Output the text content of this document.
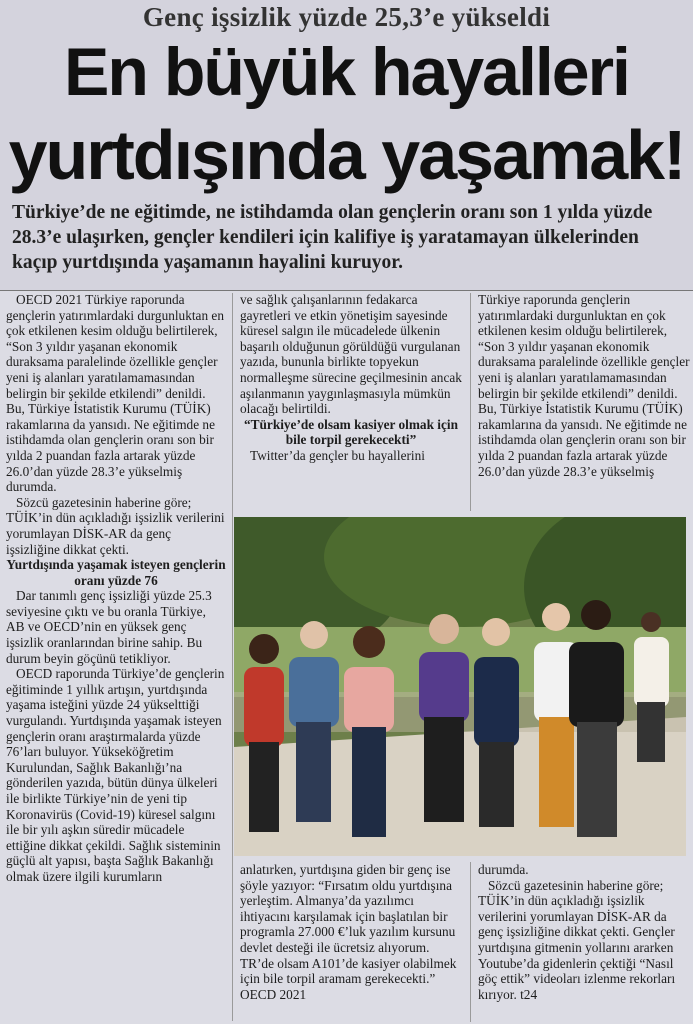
Genç işsizlik yüzde 25,3’e yükseldi
En büyük hayalleri
yurtdışında yaşamak!
Türkiye’de ne eğitimde, ne istihdamda olan gençlerin oranı son 1 yılda yüzde 28.3’e ulaşırken, gençler kendileri için kalifiye iş yaratamayan ülkelerinden kaçıp yurtdışında yaşamanın hayalini kuruyor.

OECD 2021 Türkiye raporunda gençlerin yatırımlardaki durgunluktan en çok etkilenen kesim olduğu belirtilerek, “Son 3 yıldır yaşanan ekonomik duraksama paralelinde özellikle gençler yeni iş alanları yaratılamamasından belirgin bir şekilde etkilendi” denildi. Bu, Türkiye İstatistik Kurumu (TÜİK) rakamlarına da yansıdı. Ne eğitimde ne istihdamda olan gençlerin oranı son bir yılda 2 puandan fazla artarak yüzde 26.0’dan yüzde 28.3’e yükselmiş durumda.

Sözcü gazetesinin haberine göre; TÜİK’in dün açıkladığı işsizlik verilerini yorumlayan DİSK-AR da genç işsizliğine dikkat çekti.

Yurtdışında yaşamak isteyen gençlerin oranı yüzde 76

Dar tanımlı genç işsizliği yüzde 25.3 seviyesine çıktı ve bu oranla Türkiye, AB ve OECD’nin en yüksek genç işsizlik oranlarından birine sahip. Bu durum beyin göçünü tetikliyor.

OECD raporunda Türkiye’de gençlerin eğitiminde 1 yıllık artışın, yurtdışında yaşama isteğini yüzde 24 yükselttiği vurgulandı. Yurtdışında yaşamak isteyen gençlerin oranı araştırmalarda yüzde 76’ları buluyor. Yükseköğretim Kurulundan, Sağlık Bakanlığı’na gönderilen yazıda, bütün dünya ülkeleri ile birlikte Türkiye’nin de yeni tip Koronavirüs (Covid-19) küresel salgını ile bir yılı aşkın süredir mücadele ettiğine dikkat çekildi. Sağlık sisteminin güçlü alt yapısı, başta Sağlık Bakanlığı olmak üzere ilgili kurumların

ve sağlık çalışanlarının fedakarca gayretleri ve etkin yönetişim sayesinde küresel salgın ile mücadelede ülkenin başarılı olduğunun görüldüğü vurgulanan yazıda, bununla birlikte topyekun normalleşme sürecine geçilmesinin ancak aşılanmanın yaygınlaşmasıyla mümkün olacağı belirtildi.

“Türkiye’de olsam kasiyer olmak için bile torpil gerekecekti”

Twitter’da gençler bu hayallerini

Türkiye raporunda gençlerin yatırımlardaki durgunluktan en çok etkilenen kesim olduğu belirtilerek, “Son 3 yıldır yaşanan ekonomik duraksama paralelinde özellikle gençler yeni iş alanları yaratılamamasından belirgin bir şekilde etkilendi” denildi. Bu, Türkiye İstatistik Kurumu (TÜİK) rakamlarına da yansıdı. Ne eğitimde ne istihdamda olan gençlerin oranı son bir yılda 2 puandan fazla artarak yüzde 26.0’dan yüzde 28.3’e yükselmiş

anlatırken, yurtdışına giden bir genç ise şöyle yazıyor: “Fırsatım oldu yurtdışına yerleştim. Almanya’da yazılımcı ihtiyacını karşılamak için başlatılan bir programla 27.000 €’luk yazılım kursunu devlet desteği ile ücretsiz alıyorum. TR’de olsam A101’de kasiyer olabilmek için bile torpil aramam gerekecekti.” OECD 2021

durumda.

Sözcü gazetesinin haberine göre; TÜİK’in dün açıkladığı işsizlik verilerini yorumlayan DİSK-AR da genç işsizliğine dikkat çekti. Gençler yurtdışına gitmenin yollarını ararken Youtube’da gidenlerin çektiği “Nasıl göç ettik” videoları izlenme rekorları kırıyor. t24
